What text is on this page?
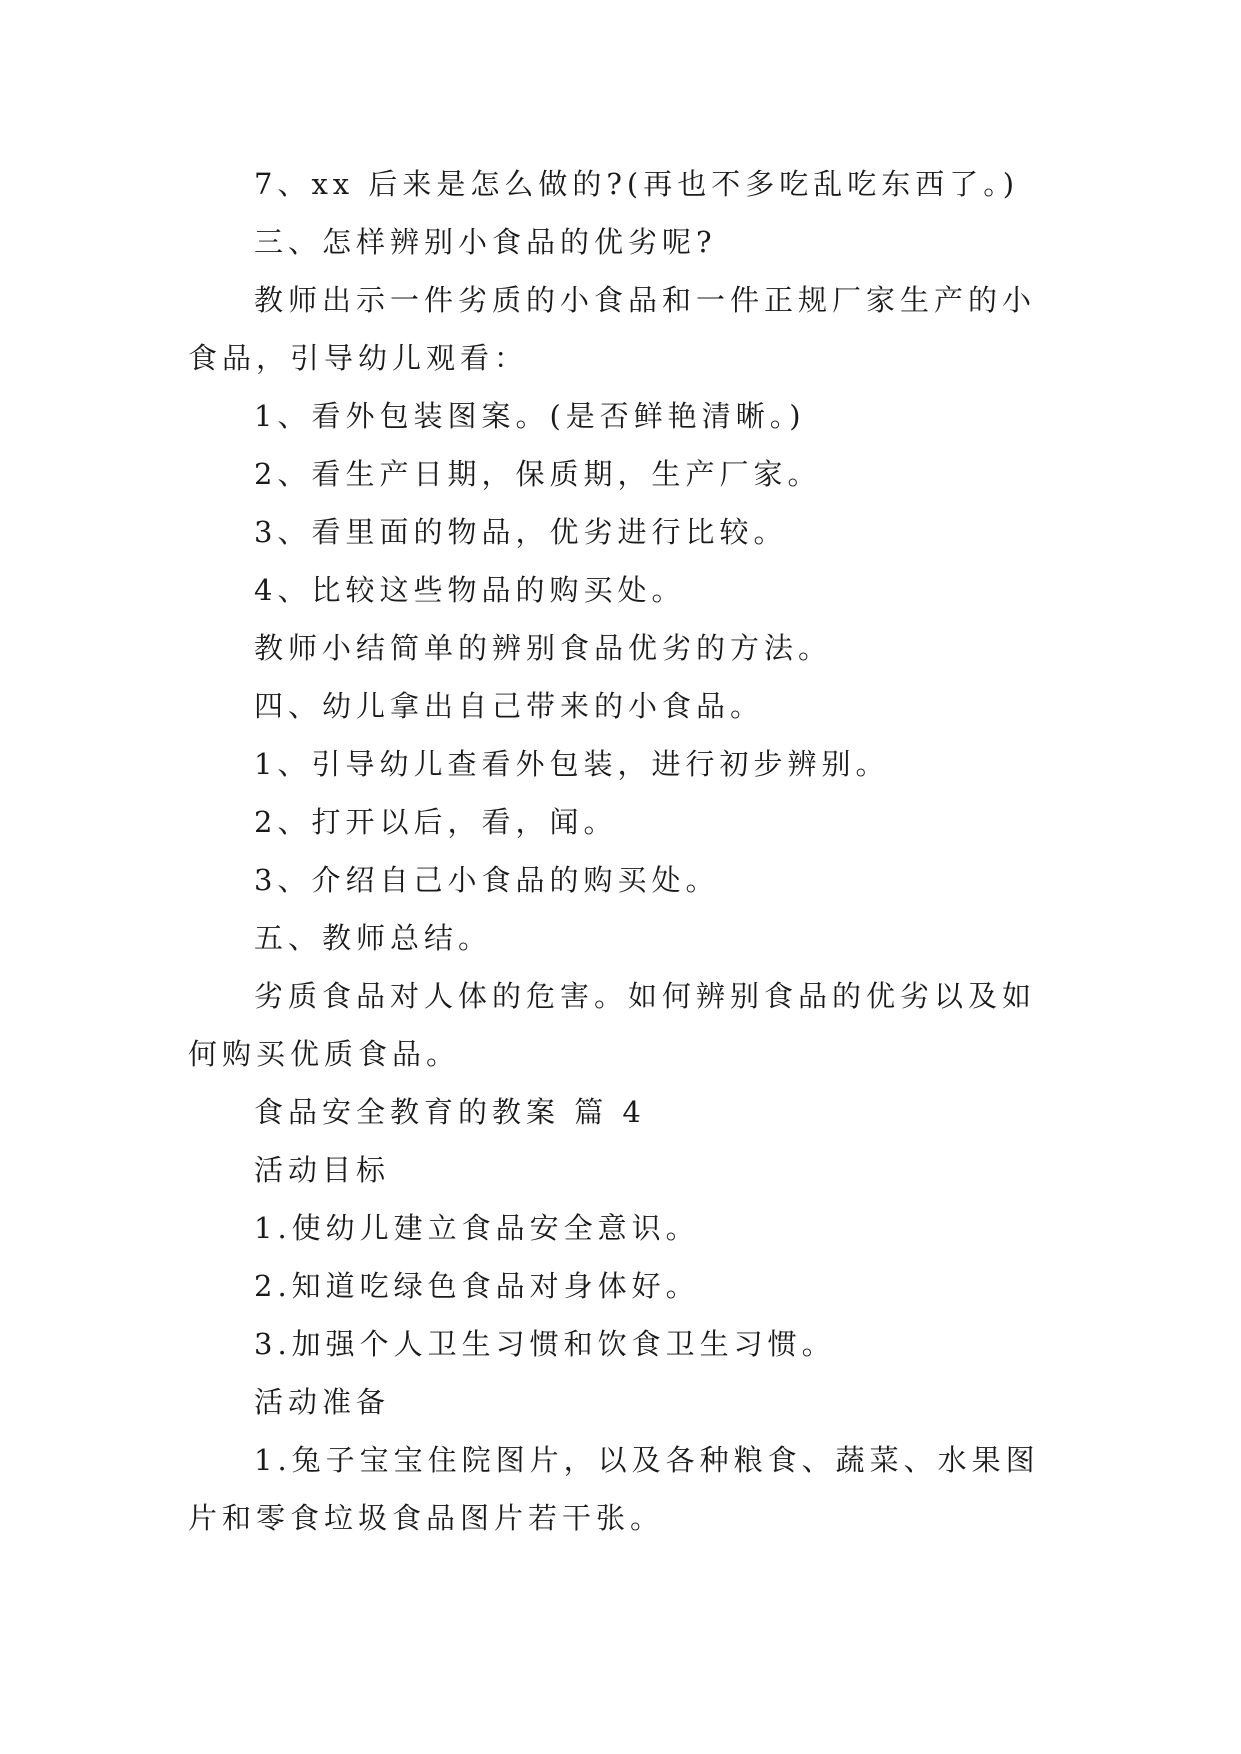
7、xx 后来是怎么做的?(再也不多吃乱吃东西了。)

三、怎样辨别小食品的优劣呢?

教师出示一件劣质的小食品和一件正规厂家生产的小食品，引导幼儿观看：

1、看外包装图案。(是否鲜艳清晰。)

2、看生产日期，保质期，生产厂家。

3、看里面的物品，优劣进行比较。

4、比较这些物品的购买处。

教师小结简单的辨别食品优劣的方法。

四、幼儿拿出自己带来的小食品。

1、引导幼儿查看外包装，进行初步辨别。

2、打开以后，看，闻。

3、介绍自己小食品的购买处。

五、教师总结。

劣质食品对人体的危害。如何辨别食品的优劣以及如何购买优质食品。

食品安全教育的教案 篇 4

活动目标

1.使幼儿建立食品安全意识。

2.知道吃绿色食品对身体好。

3.加强个人卫生习惯和饮食卫生习惯。

活动准备

1.兔子宝宝住院图片，以及各种粮食、蔬菜、水果图片和零食垃圾食品图片若干张。
